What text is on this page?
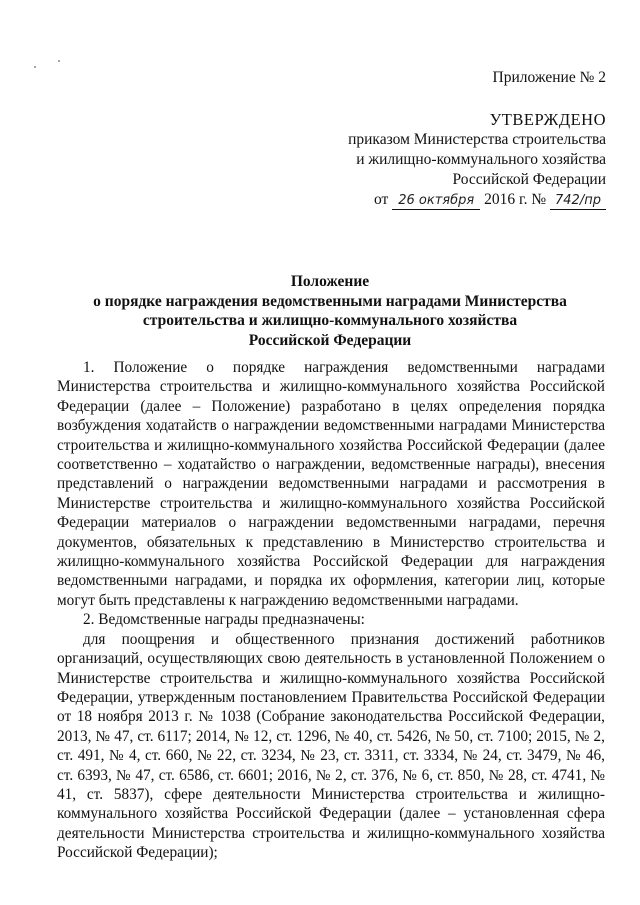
Приложение № 2
УТВЕРЖДЕНО
приказом Министерства строительства
и жилищно-коммунального хозяйства
Российской Федерации
от 26 октября 2016 г. № 742/пр
Положение
о порядке награждения ведомственными наградами Министерства
строительства и жилищно-коммунального хозяйства
Российской Федерации

1. Положение о порядке награждения ведомственными наградами Министерства строительства и жилищно-коммунального хозяйства Российской Федерации (далее – Положение) разработано в целях определения порядка возбуждения ходатайств о награждении ведомственными наградами Министерства строительства и жилищно-коммунального хозяйства Российской Федерации (далее соответственно – ходатайство о награждении, ведомственные награды), внесения представлений о награждении ведомственными наградами и рассмотрения в Министерстве строительства и жилищно-коммунального хозяйства Российской Федерации материалов о награждении ведомственными наградами, перечня документов, обязательных к представлению в Министерство строительства и жилищно-коммунального хозяйства Российской Федерации для награждения ведомственными наградами, и порядка их оформления, категории лиц, которые могут быть представлены к награждению ведомственными наградами.

2. Ведомственные награды предназначены:

для поощрения и общественного признания достижений работников организаций, осуществляющих свою деятельность в установленной Положением о Министерстве строительства и жилищно-коммунального хозяйства Российской Федерации, утвержденным постановлением Правительства Российской Федерации от 18 ноября 2013 г. № 1038 (Собрание законодательства Российской Федерации, 2013, № 47, ст. 6117; 2014, № 12, ст. 1296, № 40, ст. 5426, № 50, ст. 7100; 2015, № 2, ст. 491, № 4, ст. 660, № 22, ст. 3234, № 23, ст. 3311, ст. 3334, № 24, ст. 3479, № 46, ст. 6393, № 47, ст. 6586, ст. 6601; 2016, № 2, ст. 376, № 6, ст. 850, № 28, ст. 4741, № 41, ст. 5837), сфере деятельности Министерства строительства и жилищно-коммунального хозяйства Российской Федерации (далее – установленная сфера деятельности Министерства строительства и жилищно-коммунального хозяйства Российской Федерации);
